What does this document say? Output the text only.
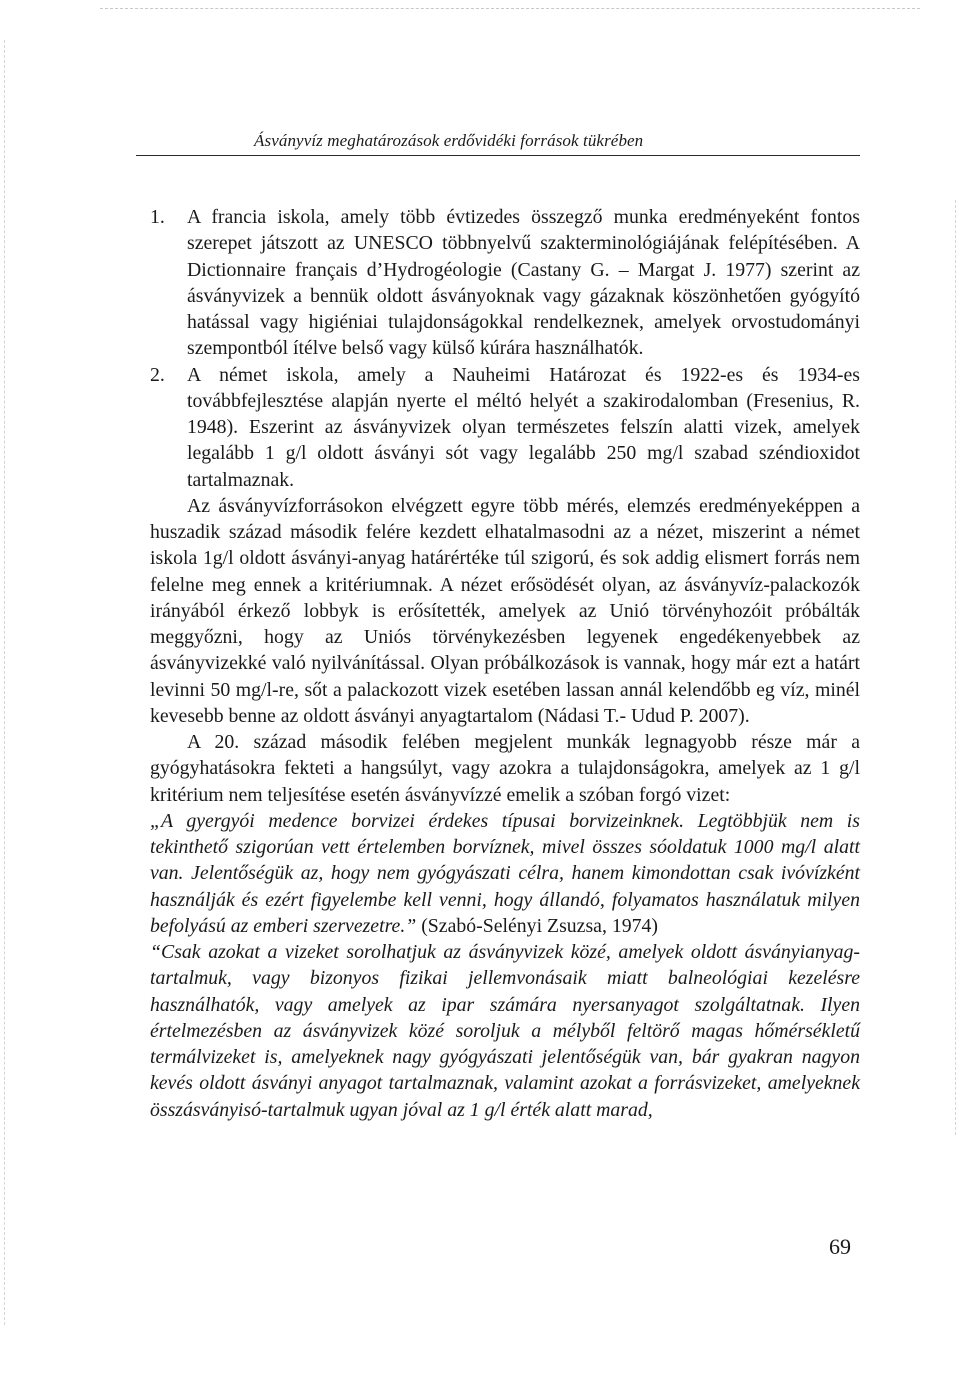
Ásványvíz meghatározások erdővidéki források tükrében

1.	A francia iskola, amely több évtizedes összegző munka eredményeként fontos szerepet játszott az UNESCO többnyelvű szakterminológiájának felépítésében. A Dictionnaire français d’Hydrogéologie (Castany G. – Margat J. 1977) szerint az ásványvizek a bennük oldott ásványoknak vagy gázaknak köszönhetően gyógyító hatással vagy higiéniai tulajdonságokkal rendelkeznek, amelyek orvostudományi szempontból ítélve belső vagy külső kúrára használhatók.

2.	A német iskola, amely a Nauheimi Határozat és 1922-es és 1934-es továbbfejlesztése alapján nyerte el méltó helyét a szakirodalomban (Fresenius, R. 1948). Eszerint az ásványvizek olyan természetes felszín alatti vizek, amelyek legalább 1 g/l oldott ásványi sót vagy legalább 250 mg/l szabad széndioxidot tartalmaznak.

Az ásványvízforrásokon elvégzett egyre több mérés, elemzés eredményeképpen a huszadik század második felére kezdett elhatalmasodni az a nézet, miszerint a német iskola 1g/l oldott ásványi-anyag határértéke túl szigorú, és sok addig elismert forrás nem felelne meg ennek a kritériumnak. A nézet erősödését olyan, az ásványvíz-palackozók irányából érkező lobbyk is erősítették, amelyek az Unió törvényhozóit próbálták meggyőzni, hogy az Uniós törvénykezésben legyenek engedékenyebbek az ásványvizekké való nyilvánítással. Olyan próbálkozások is vannak, hogy már ezt a határt levinni 50 mg/l-re, sőt a palackozott vizek esetében lassan annál kelendőbb eg víz, minél kevesebb benne az oldott ásványi anyagtartalom (Nádasi T.- Udud P. 2007).

A 20. század második felében megjelent munkák legnagyobb része már a gyógyhatásokra fekteti a hangsúlyt, vagy azokra a tulajdonságokra, amelyek az 1 g/l kritérium nem teljesítése esetén ásványvízzé emelik a szóban forgó vizet:

„A gyergyói medence borvizei érdekes típusai borvizeinknek. Legtöbbjük nem is tekinthető szigorúan vett értelemben borvíznek, mivel összes sóoldatuk 1000 mg/l alatt van. Jelentőségük az, hogy nem gyógyászati célra, hanem kimondottan csak ivóvízként használják és ezért figyelembe kell venni, hogy állandó, folyamatos használatuk milyen befolyású az emberi szervezetre.” (Szabó-Selényi Zsuzsa, 1974)

“Csak azokat a vizeket sorolhatjuk az ásványvizek közé, amelyek oldott ásványianyag-tartalmuk, vagy bizonyos fizikai jellemvonásaik miatt balneológiai kezelésre használhatók, vagy amelyek az ipar számára nyersanyagot szolgáltatnak. Ilyen értelmezésben az ásványvizek közé soroljuk a mélyből feltörő magas hőmérsékletű termálvizeket is, amelyeknek nagy gyógyászati jelentőségük van, bár gyakran nagyon kevés oldott ásványi anyagot tartalmaznak, valamint azokat a forrásvizeket, amelyeknek összásványisó-tartalmuk ugyan jóval az 1 g/l érték alatt marad,

69
